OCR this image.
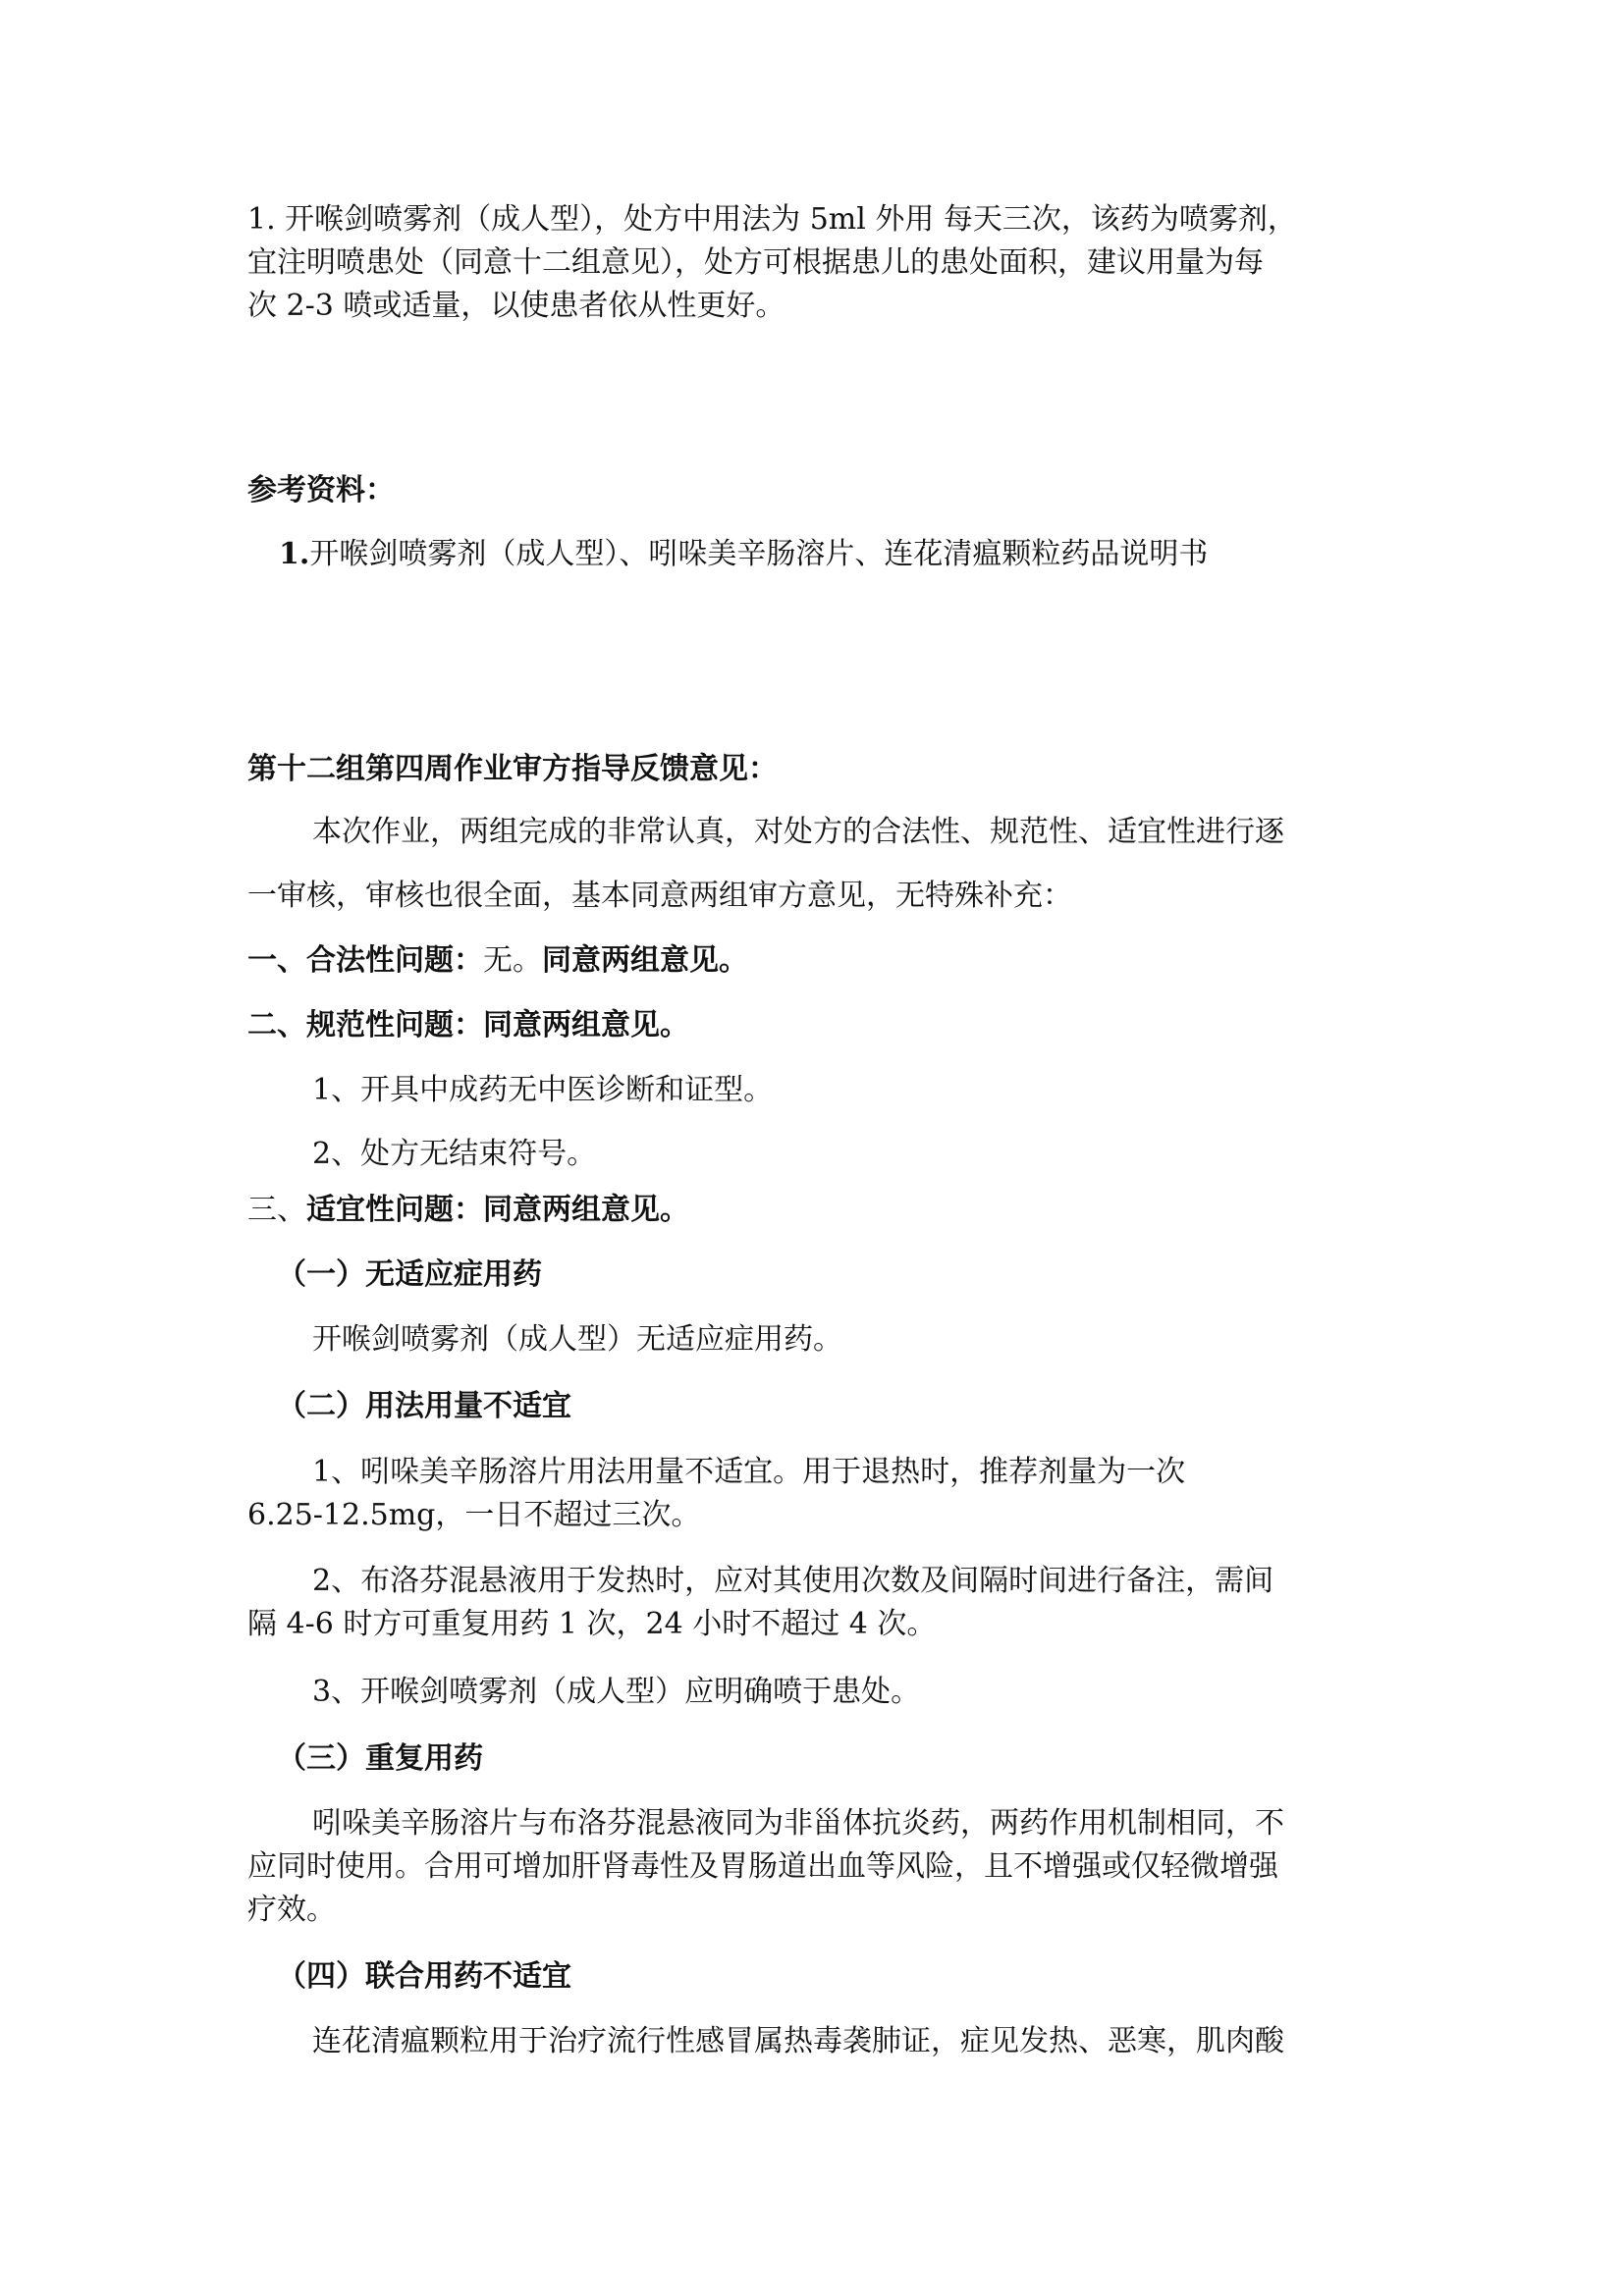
1. 开喉剑喷雾剂（成人型），处方中用法为 5ml 外用 每天三次，该药为喷雾剂，
宜注明喷患处（同意十二组意见），处方可根据患儿的患处面积，建议用量为每
次 2-3 喷或适量，以使患者依从性更好。
参考资料：
1.开喉剑喷雾剂（成人型）、吲哚美辛肠溶片、连花清瘟颗粒药品说明书
第十二组第四周作业审方指导反馈意见：
本次作业，两组完成的非常认真，对处方的合法性、规范性、适宜性进行逐
一审核，审核也很全面，基本同意两组审方意见，无特殊补充：
一、合法性问题：无。同意两组意见。
二、规范性问题：同意两组意见。
1、开具中成药无中医诊断和证型。
2、处方无结束符号。
三、适宜性问题：同意两组意见。
（一）无适应症用药
开喉剑喷雾剂（成人型）无适应症用药。
（二）用法用量不适宜
1、吲哚美辛肠溶片用法用量不适宜。用于退热时，推荐剂量为一次
6.25-12.5mg，一日不超过三次。
2、布洛芬混悬液用于发热时，应对其使用次数及间隔时间进行备注，需间
隔 4-6 时方可重复用药 1 次，24 小时不超过 4 次。
3、开喉剑喷雾剂（成人型）应明确喷于患处。
（三）重复用药
吲哚美辛肠溶片与布洛芬混悬液同为非甾体抗炎药，两药作用机制相同，不
应同时使用。合用可增加肝肾毒性及胃肠道出血等风险，且不增强或仅轻微增强
疗效。
（四）联合用药不适宜
连花清瘟颗粒用于治疗流行性感冒属热毒袭肺证，症见发热、恶寒，肌肉酸
